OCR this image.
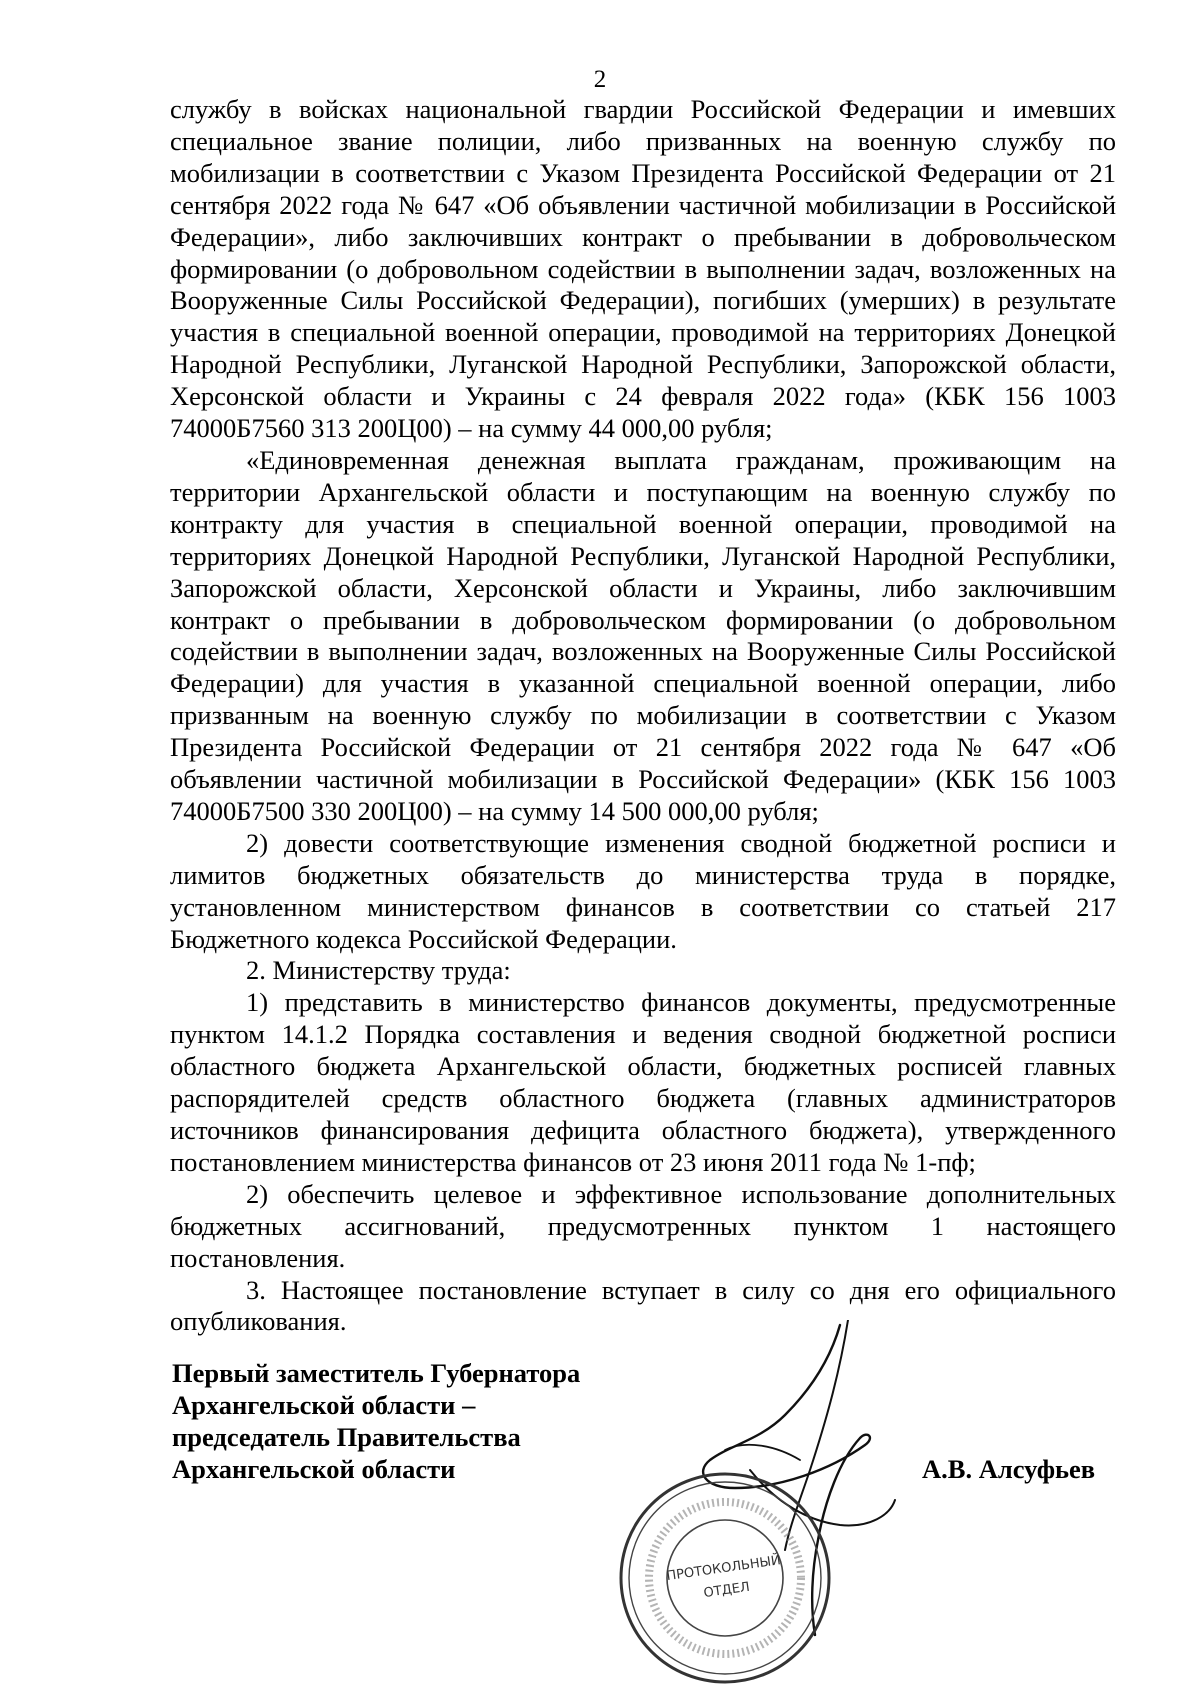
2

службу в войсках национальной гвардии Российской Федерации и имевших специальное звание полиции, либо призванных на военную службу по мобилизации в соответствии с Указом Президента Российской Федерации от 21 сентября 2022 года № 647 «Об объявлении частичной мобилизации в Российской Федерации», либо заключивших контракт о пребывании в добровольческом формировании (о добровольном содействии в выполнении задач, возложенных на Вооруженные Силы Российской Федерации), погибших (умерших) в результате участия в специальной военной операции, проводимой на территориях Донецкой Народной Республики, Луганской Народной Республики, Запорожской области, Херсонской области и Украины с 24 февраля 2022 года» (КБК 156 1003 74000Б7560 313 200Ц00) – на сумму 44 000,00 рубля;

«Единовременная денежная выплата гражданам, проживающим на территории Архангельской области и поступающим на военную службу по контракту для участия в специальной военной операции, проводимой на территориях Донецкой Народной Республики, Луганской Народной Республики, Запорожской области, Херсонской области и Украины, либо заключившим контракт о пребывании в добровольческом формировании (о добровольном содействии в выполнении задач, возложенных на Вооруженные Силы Российской Федерации) для участия в указанной специальной военной операции, либо призванным на военную службу по мобилизации в соответствии с Указом Президента Российской Федерации от 21 сентября 2022 года № 647 «Об объявлении частичной мобилизации в Российской Федерации» (КБК 156 1003 74000Б7500 330 200Ц00) – на сумму 14 500 000,00 рубля;

2) довести соответствующие изменения сводной бюджетной росписи и лимитов бюджетных обязательств до министерства труда в порядке, установленном министерством финансов в соответствии со статьей 217 Бюджетного кодекса Российской Федерации.

2. Министерству труда:

1) представить в министерство финансов документы, предусмотренные пунктом 14.1.2 Порядка составления и ведения сводной бюджетной росписи областного бюджета Архангельской области, бюджетных росписей главных распорядителей средств областного бюджета (главных администраторов источников финансирования дефицита областного бюджета), утвержденного постановлением министерства финансов от 23 июня 2011 года № 1-пф;

2) обеспечить целевое и эффективное использование дополнительных бюджетных ассигнований, предусмотренных пунктом 1 настоящего постановления.

3. Настоящее постановление вступает в силу со дня его официального опубликования.

Первый заместитель Губернатора
Архангельской области –
председатель Правительства
Архангельской области	А.В. Алсуфьев
ПРОТОКОЛЬНЫЙ
ОТДЕЛ
